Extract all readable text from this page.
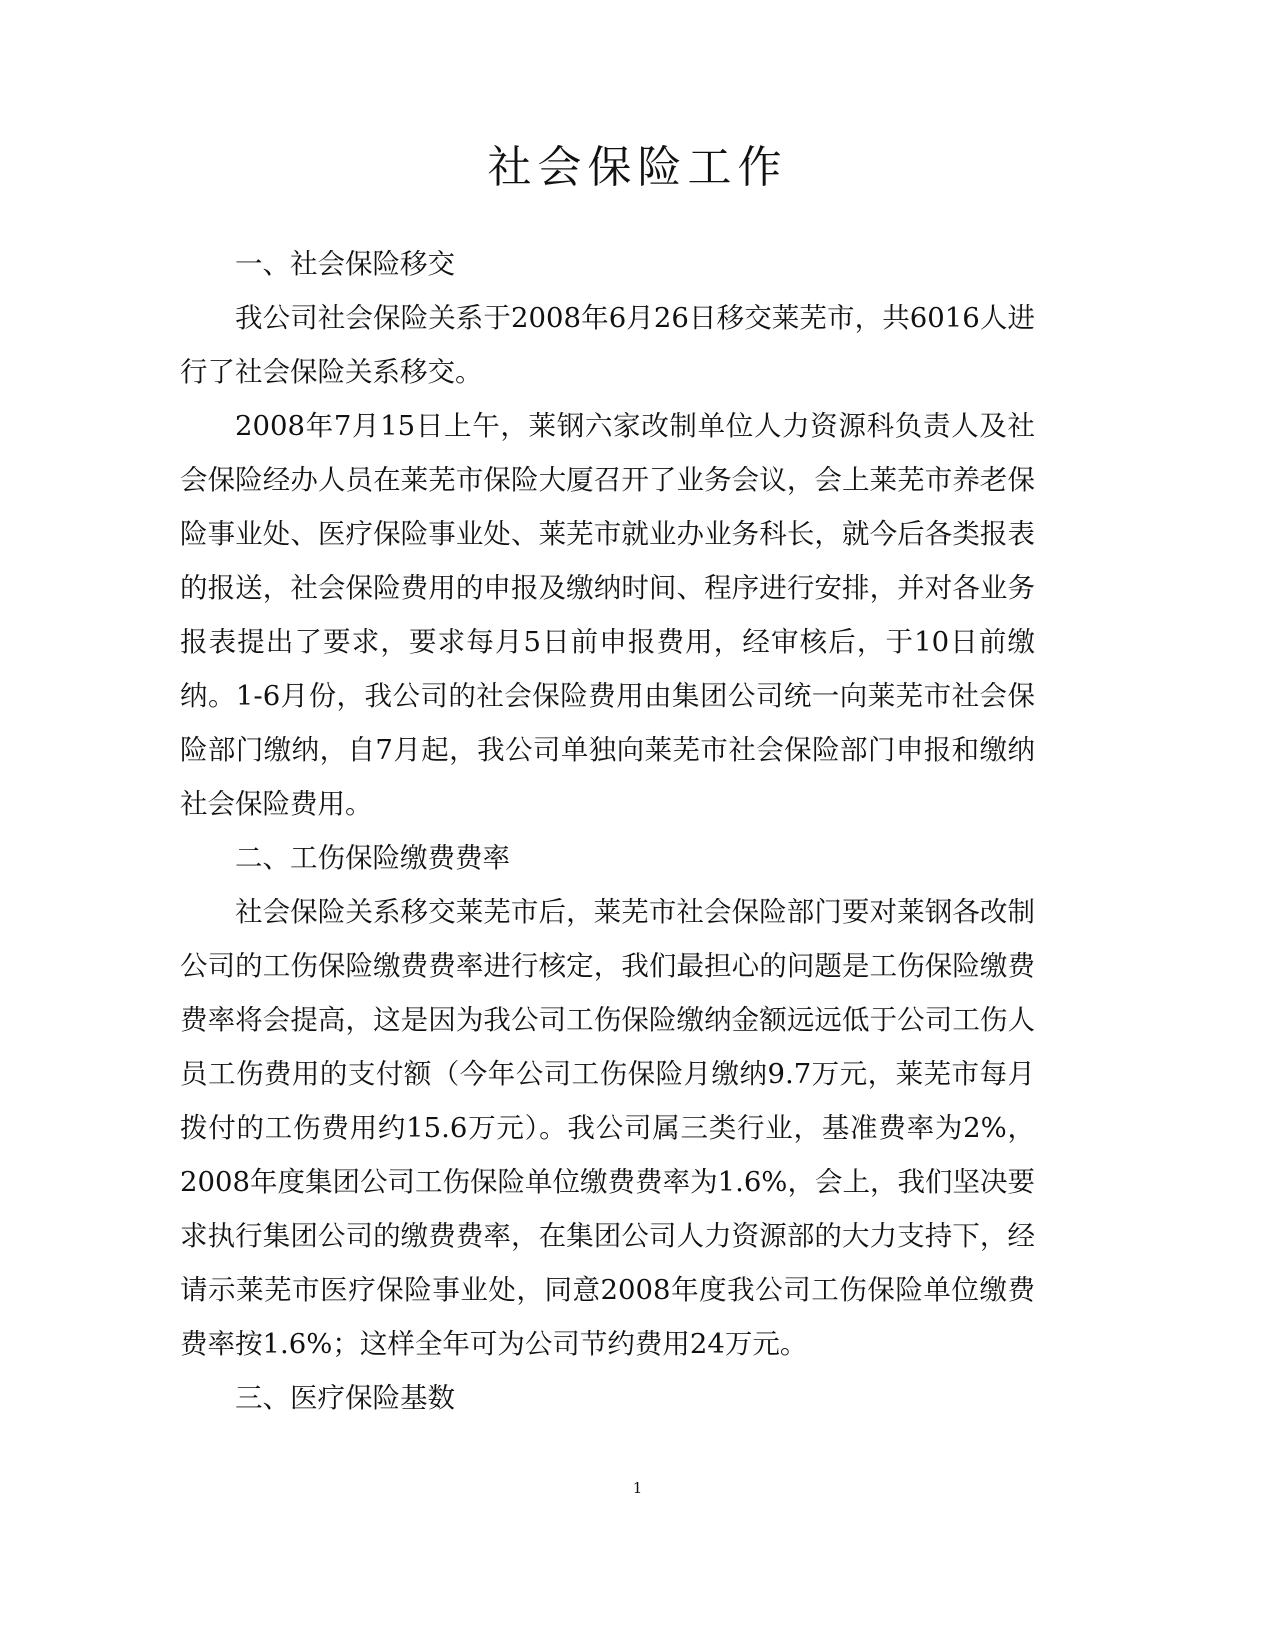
社会保险工作

一、社会保险移交

我公司社会保险关系于2008年6月26日移交莱芜市，共6016人进行了社会保险关系移交。

2008年7月15日上午，莱钢六家改制单位人力资源科负责人及社会保险经办人员在莱芜市保险大厦召开了业务会议，会上莱芜市养老保险事业处、医疗保险事业处、莱芜市就业办业务科长，就今后各类报表的报送，社会保险费用的申报及缴纳时间、程序进行安排，并对各业务报表提出了要求，要求每月5日前申报费用，经审核后，于10日前缴纳。1-6月份，我公司的社会保险费用由集团公司统一向莱芜市社会保险部门缴纳，自7月起，我公司单独向莱芜市社会保险部门申报和缴纳社会保险费用。

二、工伤保险缴费费率

社会保险关系移交莱芜市后，莱芜市社会保险部门要对莱钢各改制公司的工伤保险缴费费率进行核定，我们最担心的问题是工伤保险缴费费率将会提高，这是因为我公司工伤保险缴纳金额远远低于公司工伤人员工伤费用的支付额（今年公司工伤保险月缴纳9.7万元，莱芜市每月拨付的工伤费用约15.6万元）。我公司属三类行业，基准费率为2%，2008年度集团公司工伤保险单位缴费费率为1.6%，会上，我们坚决要求执行集团公司的缴费费率，在集团公司人力资源部的大力支持下，经请示莱芜市医疗保险事业处，同意2008年度我公司工伤保险单位缴费费率按1.6%；这样全年可为公司节约费用24万元。

三、医疗保险基数

1
